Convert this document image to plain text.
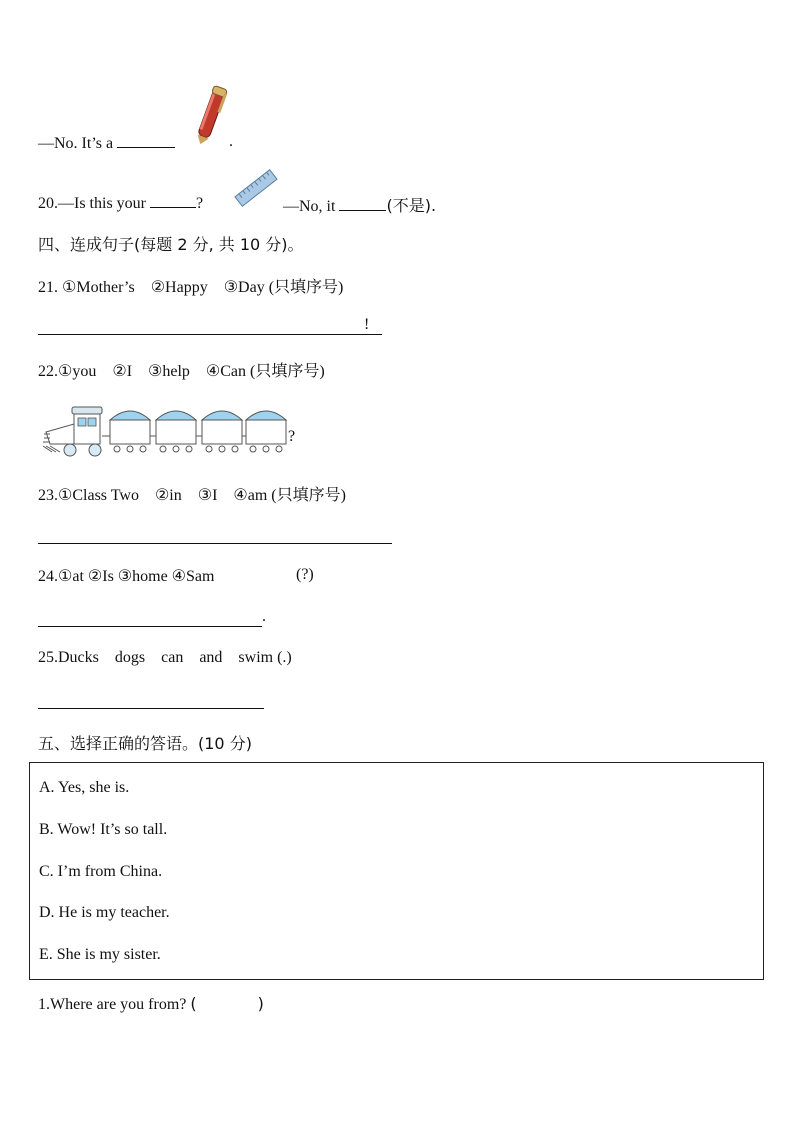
—No. It’s a	.
20.—Is this your	?	—No, it	(不是).
四、连成句子(每题 2 分, 共 10 分)。
21. ①Mother’s    ②Happy    ③Day (只填序号)
!
22.①you    ②I    ③help    ④Can (只填序号)
?
23.①Class Two    ②in    ③I    ④am (只填序号)
24.①at ②Is ③home ④Sam	(?)
.
25.Ducks    dogs    can    and    swim (.)
五、选择正确的答语。(10 分)
A. Yes, she is.
B. Wow! It’s so tall.
C. I’m from China.
D. He is my teacher.
E. She is my sister.
1.Where are you from? (            )
